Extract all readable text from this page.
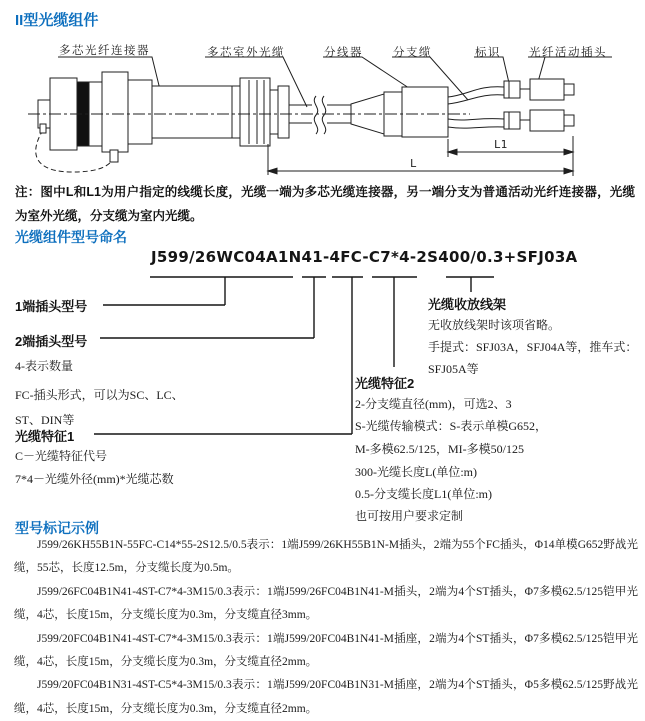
II型光缆组件
多芯光纤连接器	多芯室外光缆	分线器	分支缆	标识 光纤活动插头
L1
L
注：图中L和L1为用户指定的线缆长度，光缆一端为多芯光缆连接器，另一端分支为普通活动光纤连接器，光缆为室外光缆，分支缆为室内光缆。
光缆组件型号命名
J599/26WC04A1N41-4FC-C7*4-2S400/0.3+SFJ03A
1端插头型号
2端插头型号
4-表示数量
FC-插头形式，可以为SC、LC、
ST、DIN等
光缆特征1
C－光缆特征代号
7*4－光缆外径(mm)*光缆芯数
光缆收放线架
无收放线架时该项省略。
手提式：SFJ03A，SFJ04A等，推车式：
SFJ05A等
光缆特征2
2-分支缆直径(mm)，可选2、3
S-光缆传输模式：S-表示单模G652，
M-多模62.5/125，MI-多模50/125
300-光缆长度L(单位:m)
0.5-分支缆长度L1(单位:m)
也可按用户要求定制
型号标记示例

J599/26KH55B1N-55FC-C14*55-2S12.5/0.5表示：1端J599/26KH55B1N-M插头，2端为55个FC插头，Φ14单模G652野战光缆，55芯，长度12.5m，分支缆长度为0.5m。

J599/26FC04B1N41-4ST-C7*4-3M15/0.3表示：1端J599/26FC04B1N41-M插头，2端为4个ST插头，Φ7多模62.5/125铠甲光缆，4芯，长度15m，分支缆长度为0.3m，分支缆直径3mm。

J599/20FC04B1N41-4ST-C7*4-3M15/0.3表示：1端J599/20FC04B1N41-M插座，2端为4个ST插头，Φ7多模62.5/125铠甲光缆，4芯，长度15m，分支缆长度为0.3m，分支缆直径2mm。

J599/20FC04B1N31-4ST-C5*4-3M15/0.3表示：1端J599/20FC04B1N31-M插座，2端为4个ST插头，Φ5多模62.5/125野战光缆，4芯，长度15m，分支缆长度为0.3m，分支缆直径2mm。
